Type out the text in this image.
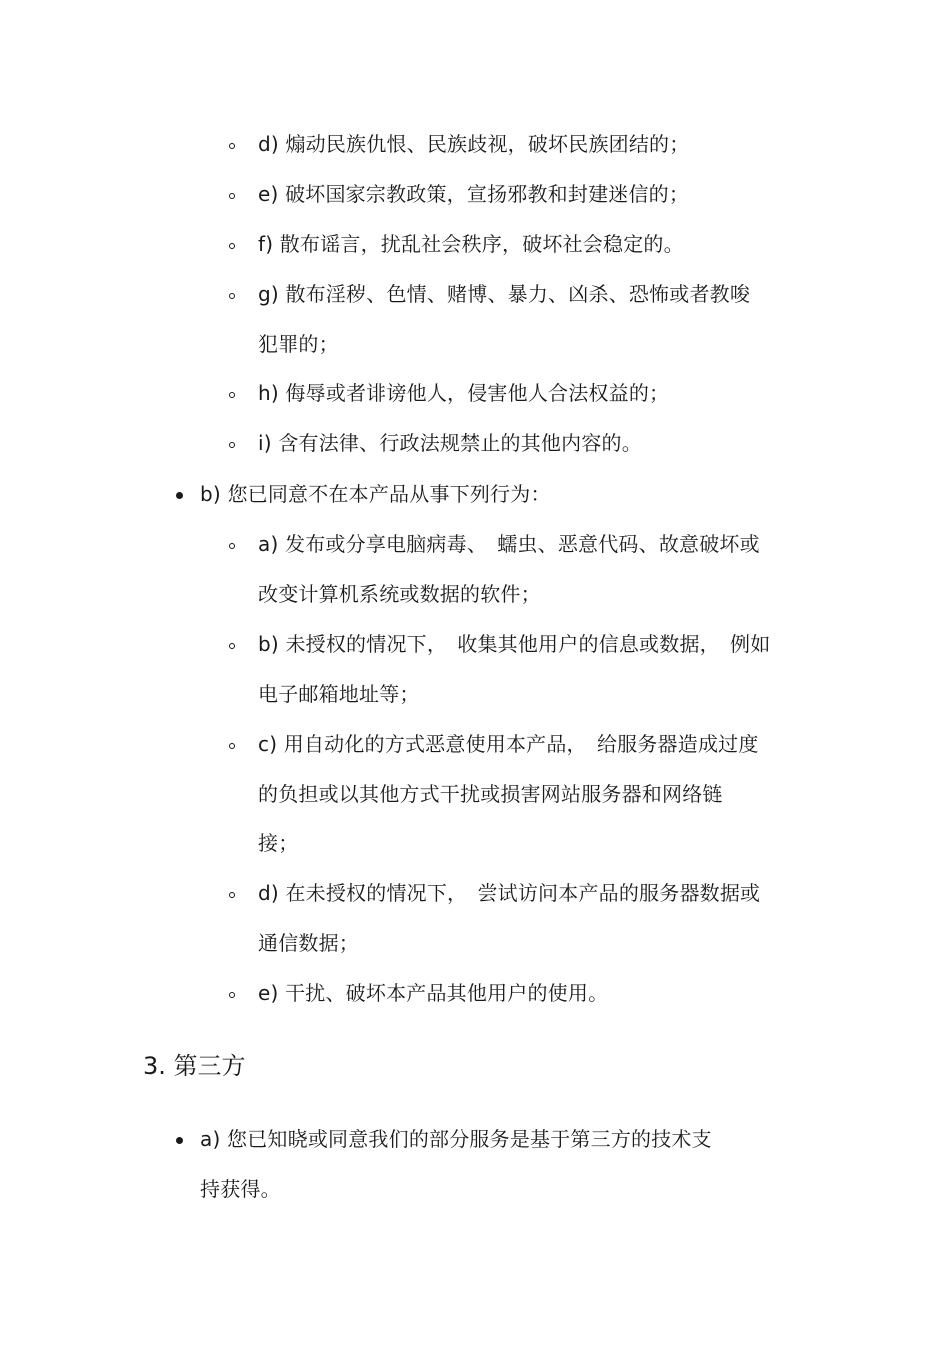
d) 煽动民族仇恨、民族歧视，破坏民族团结的；
e) 破坏国家宗教政策，宣扬邪教和封建迷信的；
f) 散布谣言，扰乱社会秩序，破坏社会稳定的。
g) 散布淫秽、色情、赌博、暴力、凶杀、恐怖或者教唆
犯罪的；
h) 侮辱或者诽谤他人，侵害他人合法权益的；
i) 含有法律、行政法规禁止的其他内容的。
b) 您已同意不在本产品从事下列行为：
a) 发布或分享电脑病毒、　蠕虫、恶意代码、故意破坏或
改变计算机系统或数据的软件；
b) 未授权的情况下，　收集其他用户的信息或数据，　例如
电子邮箱地址等；
c) 用自动化的方式恶意使用本产品，　给服务器造成过度
的负担或以其他方式干扰或损害网站服务器和网络链
接；
d) 在未授权的情况下，　尝试访问本产品的服务器数据或
通信数据；
e) 干扰、破坏本产品其他用户的使用。
3. 第三方
a) 您已知晓或同意我们的部分服务是基于第三方的技术支
持获得。
